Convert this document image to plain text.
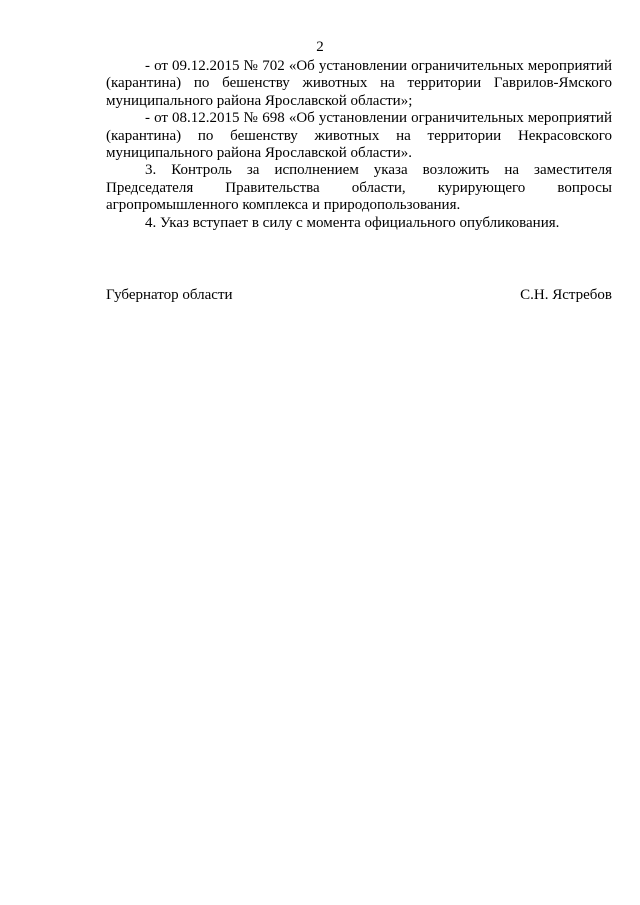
2

- от 09.12.2015 № 702 «Об установлении ограничительных мероприятий (карантина) по бешенству животных на территории Гаврилов-Ямского муниципального района Ярославской области»;

- от 08.12.2015 № 698 «Об установлении ограничительных мероприятий (карантина) по бешенству животных на территории Некрасовского муниципального района Ярославской области».

3. Контроль за исполнением указа возложить на заместителя Председателя Правительства области, курирующего вопросы агропромышленного комплекса и природопользования.

4. Указ вступает в силу с момента официального опубликования.

Губернатор области	С.Н. Ястребов
